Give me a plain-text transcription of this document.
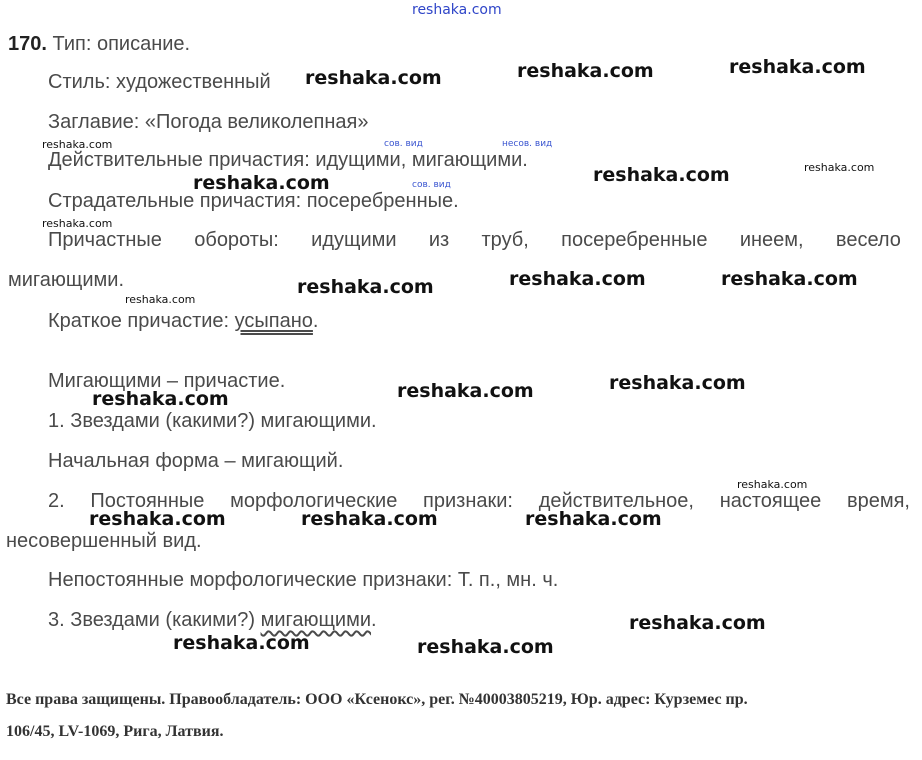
reshaka.com
170. Тип: описание.
Стиль: художественный
Заглавие: «Погода великолепная»
сов. вид	несов. вид
Действительные причастия: идущими, мигающими.
сов. вид
Страдательные причастия: посеребренные.
Причастные обороты: идущими из труб, посеребренные инеем, весело
мигающими.
Краткое причастие: усыпано.
Мигающими – причастие.
1. Звездами (какими?) мигающими.
Начальная форма – мигающий.
2. Постоянные морфологические признаки: действительное, настоящее время,
несовершенный вид.
Непостоянные морфологические признаки: Т. п., мн. ч.
3. Звездами (какими?) мигающими.
reshaka.com	reshaka.com	reshaka.com
reshaka.com
reshaka.com
reshaka.com	reshaka.com
reshaka.com
reshaka.com
reshaka.com
reshaka.com
reshaka.com	reshaka.com	reshaka.com
reshaka.com
reshaka.com	reshaka.com
reshaka.com
reshaka.com
reshaka.com
reshaka.com
reshaka.com
Все права защищены. Правообладатель: ООО «Ксенокс», рег. №40003805219, Юр. адрес: Курземес пр.
106/45, LV-1069, Рига, Латвия.
